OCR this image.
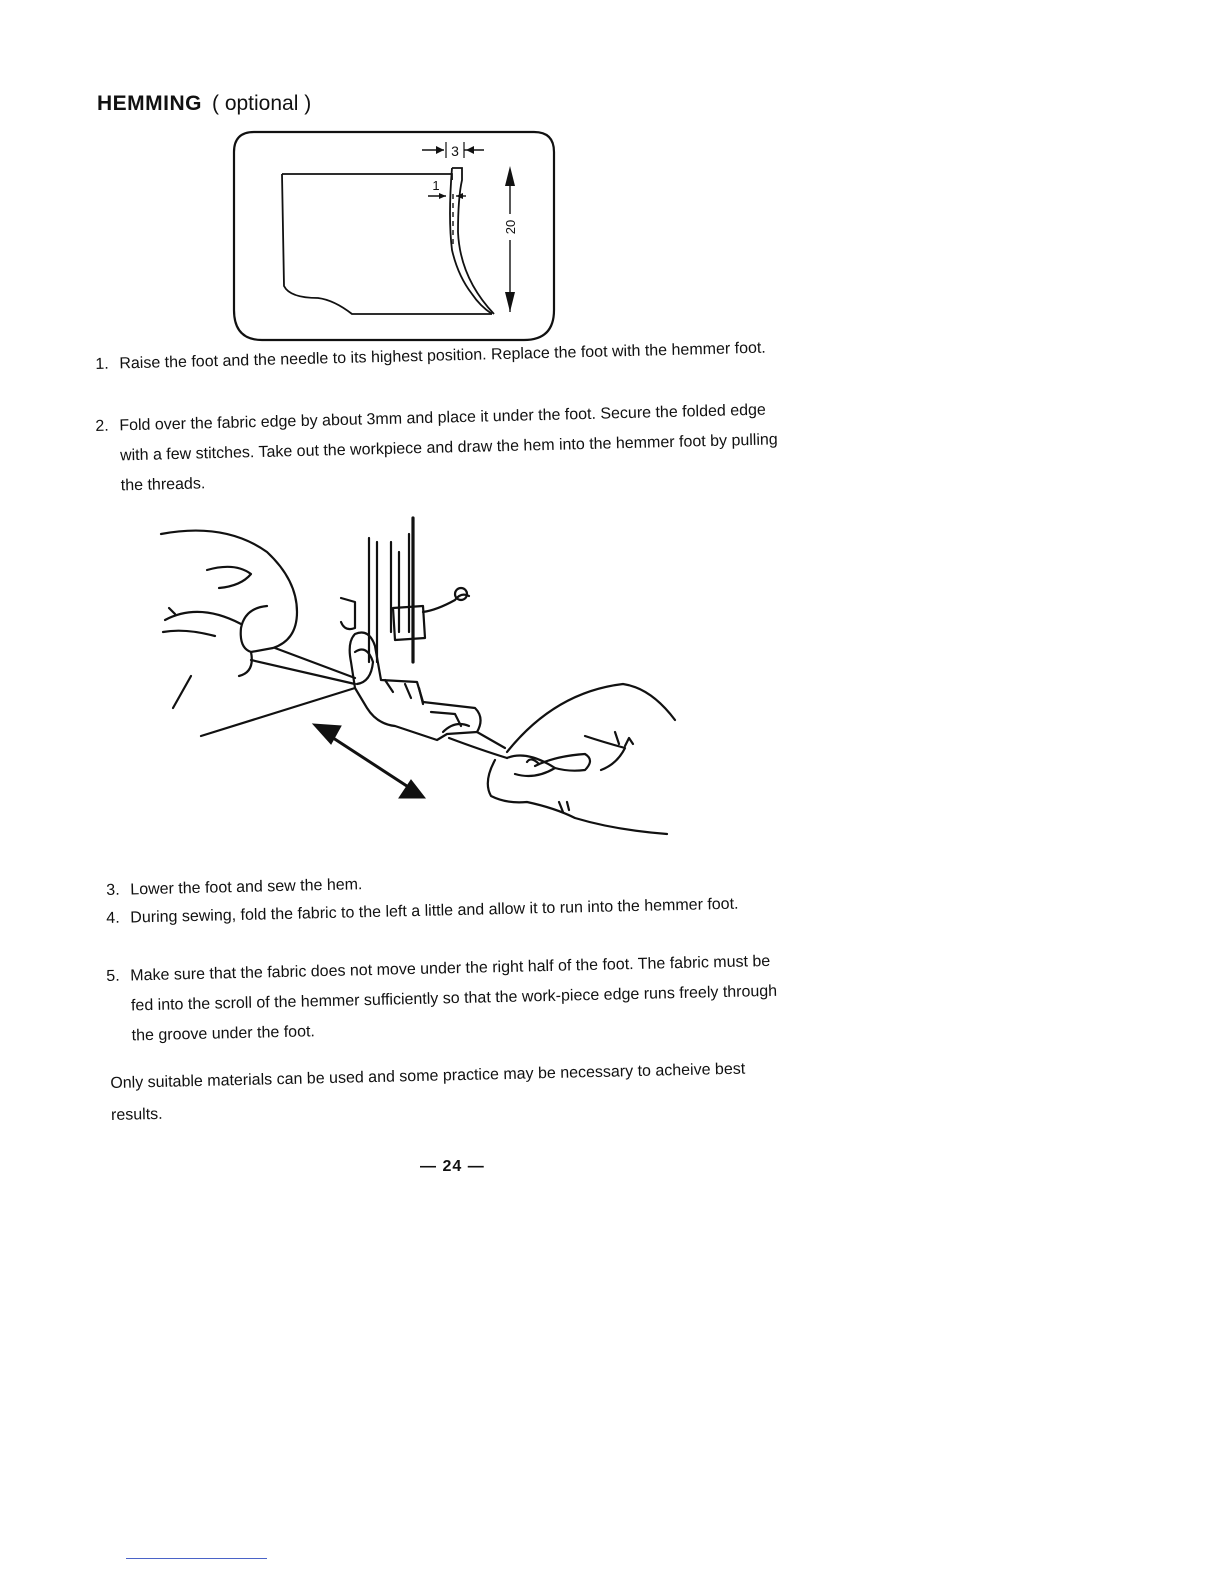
HEMMING ( optional )
3
1
20
1. Raise the foot and the needle to its highest position. Replace the foot with the hemmer foot.
2. Fold over the fabric edge by about 3mm and place it under the foot. Secure the folded edge with a few stitches. Take out the workpiece and draw the hem into the hemmer foot by pulling the threads.
3. Lower the foot and sew the hem.
4. During sewing, fold the fabric to the left a little and allow it to run into the hemmer foot.
5. Make sure that the fabric does not move under the right half of the foot. The fabric must be fed into the scroll of the hemmer sufficiently so that the work-piece edge runs freely through the groove under the foot.
Only suitable materials can be used and some practice may be necessary to acheive best results.
— 24 —
